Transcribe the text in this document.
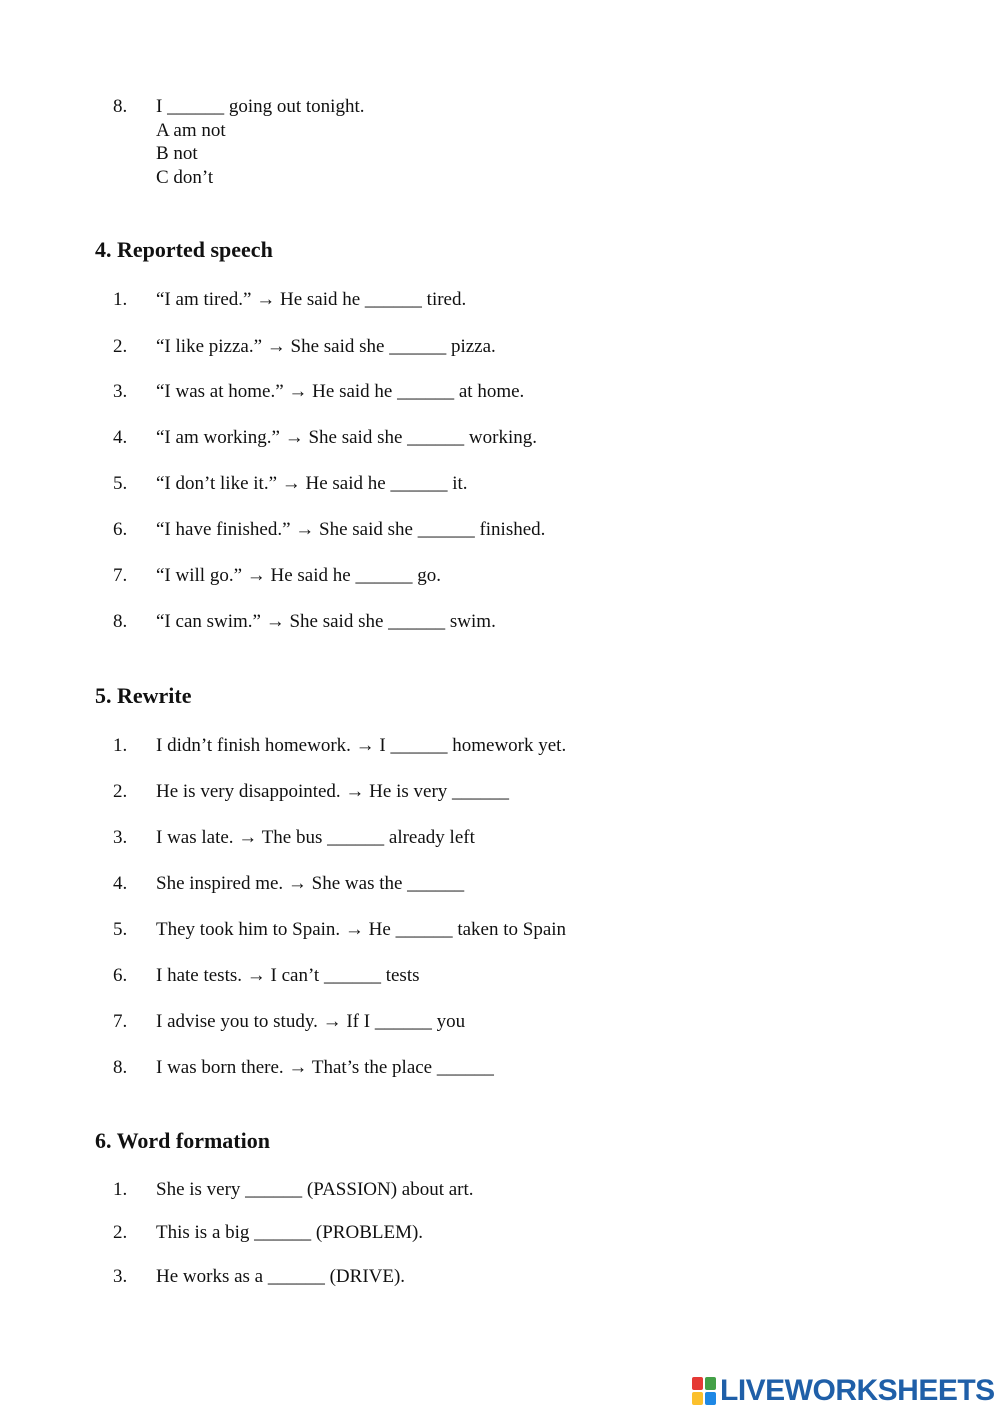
8. I ______ going out tonight.
A am not
B not
C don’t
4. Reported speech
1. “I am tired.” → He said he ______ tired.
2. “I like pizza.” → She said she ______ pizza.
3. “I was at home.” → He said he ______ at home.
4. “I am working.” → She said she ______ working.
5. “I don’t like it.” → He said he ______ it.
6. “I have finished.” → She said she ______ finished.
7. “I will go.” → He said he ______ go.
8. “I can swim.” → She said she ______ swim.
5. Rewrite
1. I didn’t finish homework. → I ______ homework yet.
2. He is very disappointed. → He is very ______
3. I was late. → The bus ______ already left
4. She inspired me. → She was the ______
5. They took him to Spain. → He ______ taken to Spain
6. I hate tests. → I can’t ______ tests
7. I advise you to study. → If I ______ you
8. I was born there. → That’s the place ______
6. Word formation
1. She is very ______ (PASSION) about art.
2. This is a big ______ (PROBLEM).
3. He works as a ______ (DRIVE).
LIVEWORKSHEETS
